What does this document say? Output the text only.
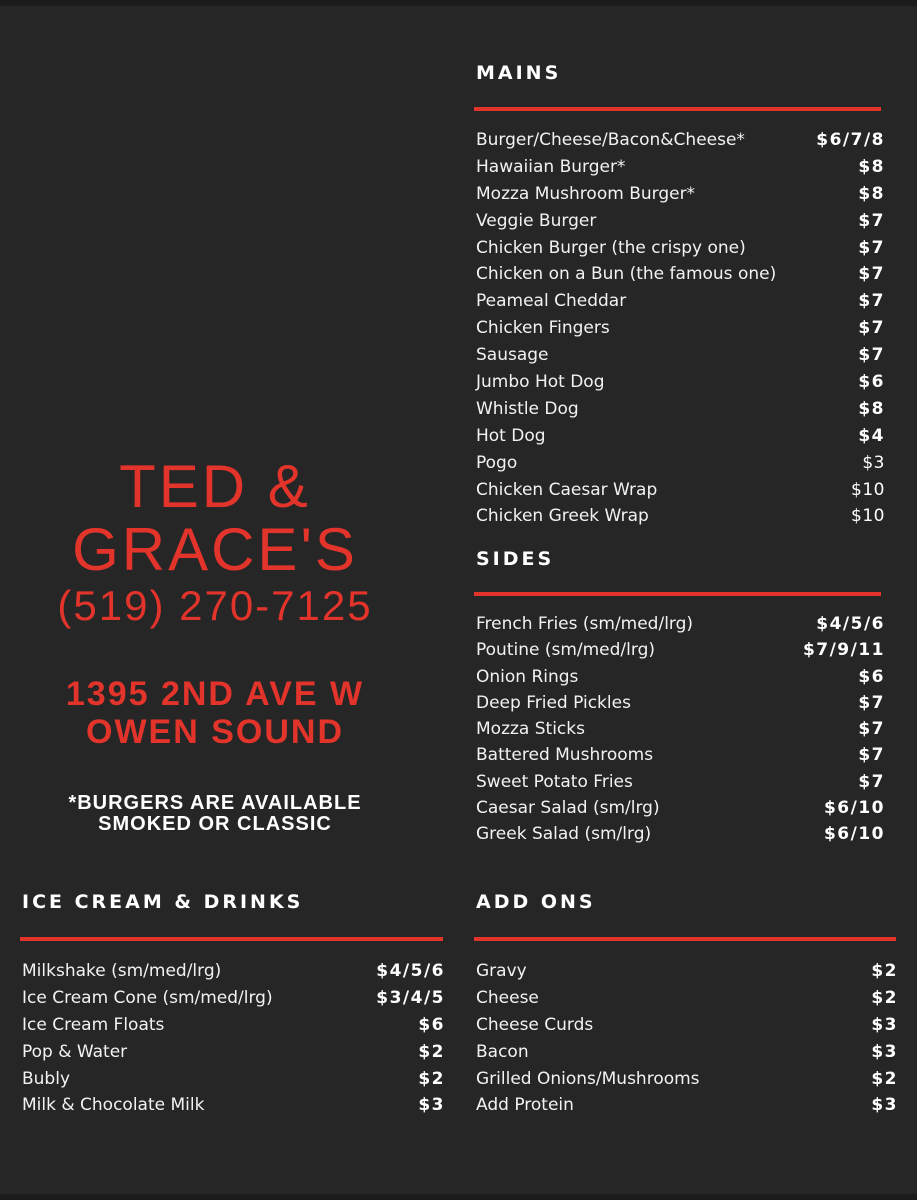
TED &
GRACE'S
(519) 270-7125
1395 2ND AVE W
OWEN SOUND
*BURGERS ARE AVAILABLE
SMOKED OR CLASSIC
MAINS
Burger/Cheese/Bacon&Cheese*	$6/7/8
Hawaiian Burger*	$8
Mozza Mushroom Burger*	$8
Veggie Burger	$7
Chicken Burger (the crispy one)	$7
Chicken on a Bun (the famous one)	$7
Peameal Cheddar	$7
Chicken Fingers	$7
Sausage	$7
Jumbo Hot Dog	$6
Whistle Dog	$8
Hot Dog	$4
Pogo	$3
Chicken Caesar Wrap	$10
Chicken Greek Wrap	$10
SIDES
French Fries (sm/med/lrg)	$4/5/6
Poutine (sm/med/lrg)	$7/9/11
Onion Rings	$6
Deep Fried Pickles	$7
Mozza Sticks	$7
Battered Mushrooms	$7
Sweet Potato Fries	$7
Caesar Salad (sm/lrg)	$6/10
Greek Salad (sm/lrg)	$6/10
ICE CREAM & DRINKS
Milkshake (sm/med/lrg)	$4/5/6
Ice Cream Cone (sm/med/lrg)	$3/4/5
Ice Cream Floats	$6
Pop & Water	$2
Bubly	$2
Milk & Chocolate Milk	$3
ADD ONS
Gravy	$2
Cheese	$2
Cheese Curds	$3
Bacon	$3
Grilled Onions/Mushrooms	$2
Add Protein	$3
